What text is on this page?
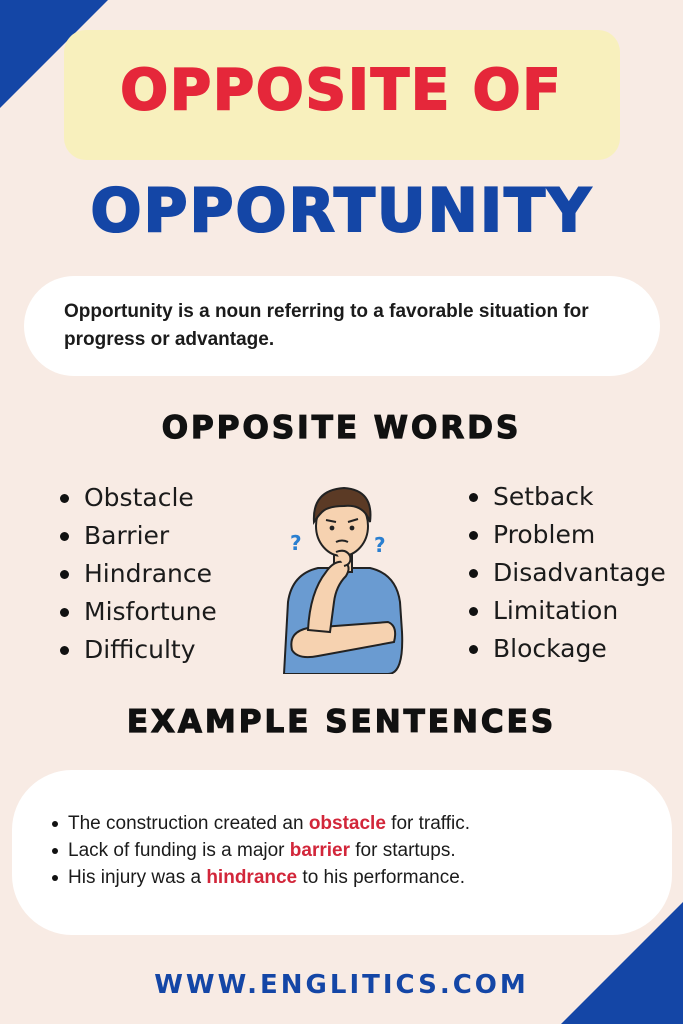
OPPOSITE OF
OPPORTUNITY
Opportunity is a noun referring to a favorable situation for progress or advantage.
OPPOSITE WORDS
Obstacle
Barrier
Hindrance
Misfortune
Difficulty
?	?
Setback
Problem
Disadvantage
Limitation
Blockage
EXAMPLE SENTENCES
The construction created an obstacle for traffic.
Lack of funding is a major barrier for startups.
His injury was a hindrance to his performance.
WWW.ENGLITICS.COM
